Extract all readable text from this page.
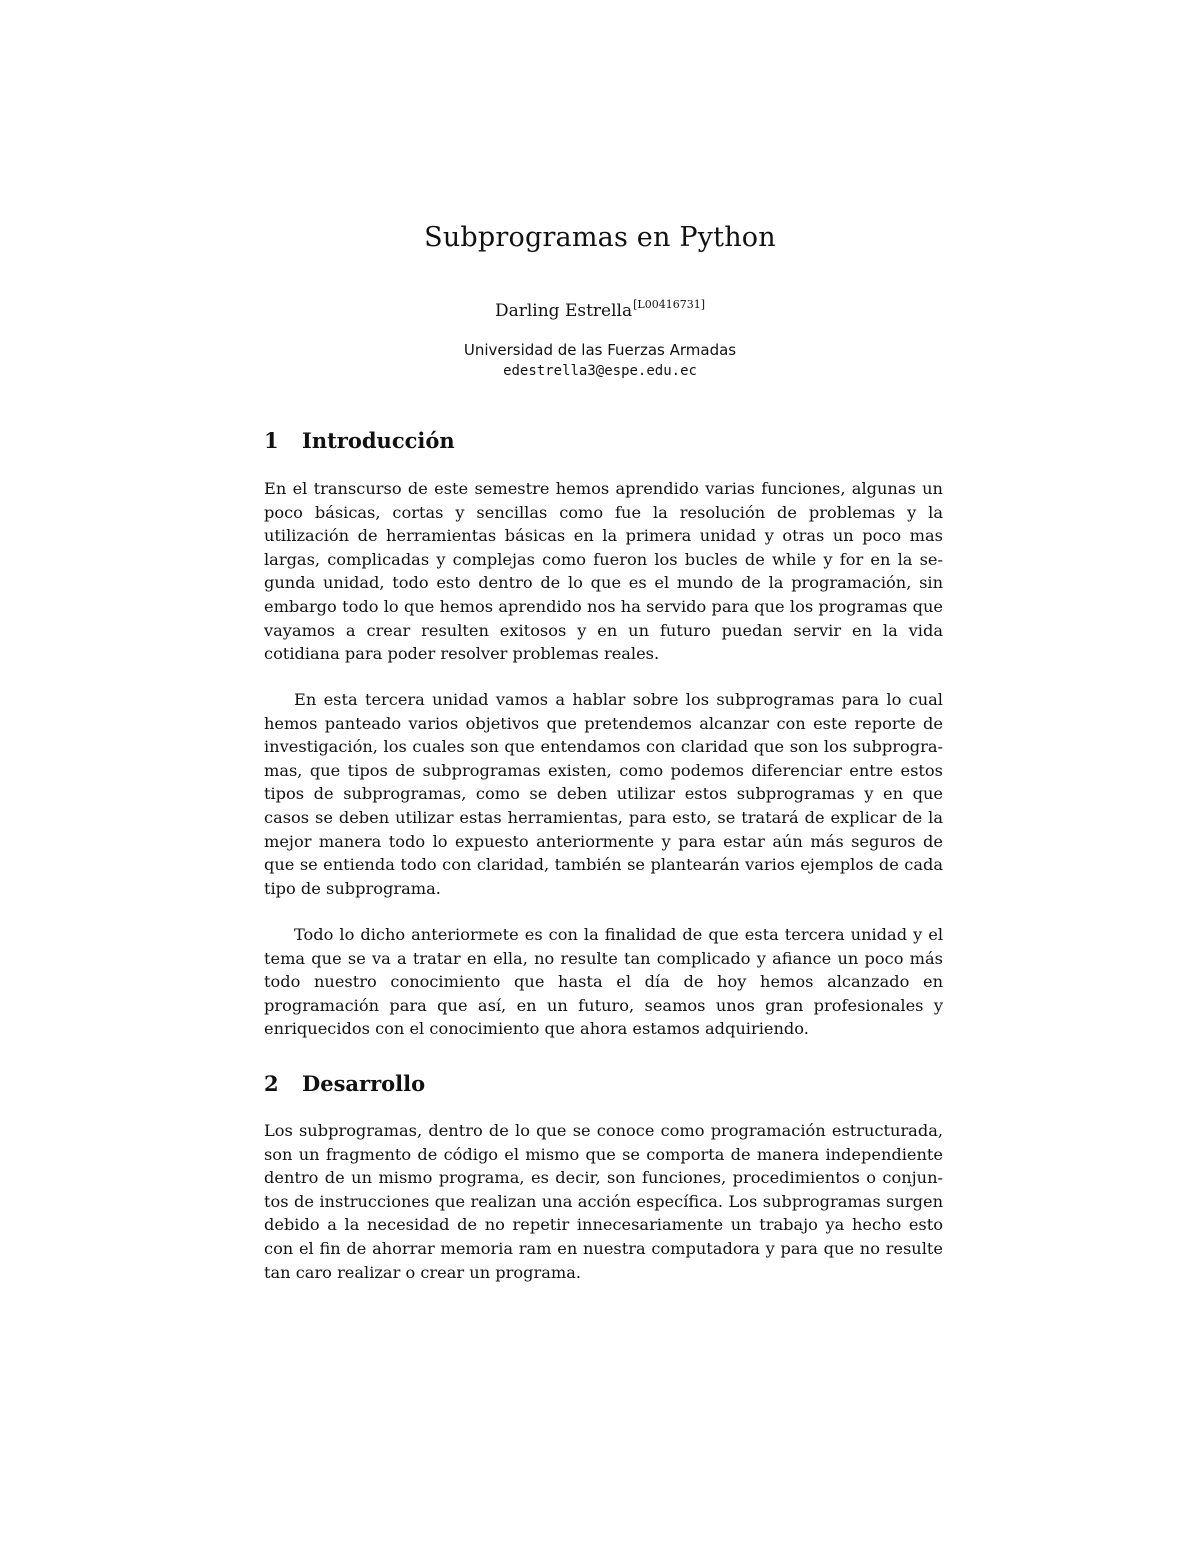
Subprogramas en Python
Darling Estrella[L00416731]
Universidad de las Fuerzas Armadas
edestrella3@espe.edu.ec
1 Introducción

En el transcurso de este semestre hemos aprendido varias funciones, algunas un poco básicas, cortas y sencillas como fue la resolución de problemas y la utilización de herramientas básicas en la primera unidad y otras un poco mas largas, complicadas y complejas como fueron los bucles de while y for en la segunda unidad, todo esto dentro de lo que es el mundo de la programación, sin embargo todo lo que hemos aprendido nos ha servido para que los programas que vayamos a crear resulten exitosos y en un futuro puedan servir en la vida cotidiana para poder resolver problemas reales.

En esta tercera unidad vamos a hablar sobre los subprogramas para lo cual hemos panteado varios objetivos que pretendemos alcanzar con este reporte de investigación, los cuales son que entendamos con claridad que son los subprogramas, que tipos de subprogramas existen, como podemos diferenciar entre estos tipos de subprogramas, como se deben utilizar estos subprogramas y en que casos se deben utilizar estas herramientas, para esto, se tratará de explicar de la mejor manera todo lo expuesto anteriormente y para estar aún más seguros de que se entienda todo con claridad, también se plantearán varios ejemplos de cada tipo de subprograma.

Todo lo dicho anteriormete es con la finalidad de que esta tercera unidad y el tema que se va a tratar en ella, no resulte tan complicado y afiance un poco más todo nuestro conocimiento que hasta el día de hoy hemos alcanzado en programación para que así, en un futuro, seamos unos gran profesionales y enriquecidos con el conocimiento que ahora estamos adquiriendo.

2 Desarrollo

Los subprogramas, dentro de lo que se conoce como programación estructurada, son un fragmento de código el mismo que se comporta de manera independiente dentro de un mismo programa, es decir, son funciones, procedimientos o conjuntos de instrucciones que realizan una acción específica. Los subprogramas surgen debido a la necesidad de no repetir innecesariamente un trabajo ya hecho esto con el fin de ahorrar memoria ram en nuestra computadora y para que no resulte tan caro realizar o crear un programa.
